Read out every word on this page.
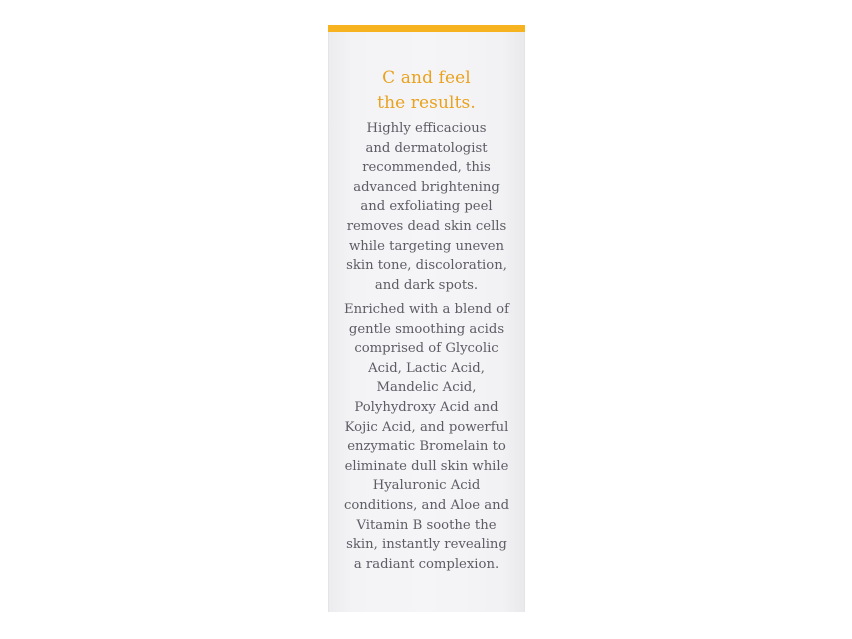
C and feel
the results.
Highly efficacious
and dermatologist
recommended, this
advanced brightening
and exfoliating peel
removes dead skin cells
while targeting uneven
skin tone, discoloration,
and dark spots.
Enriched with a blend of
gentle smoothing acids
comprised of Glycolic
Acid, Lactic Acid,
Mandelic Acid,
Polyhydroxy Acid and
Kojic Acid, and powerful
enzymatic Bromelain to
eliminate dull skin while
Hyaluronic Acid
conditions, and Aloe and
Vitamin B soothe the
skin, instantly revealing
a radiant complexion.
